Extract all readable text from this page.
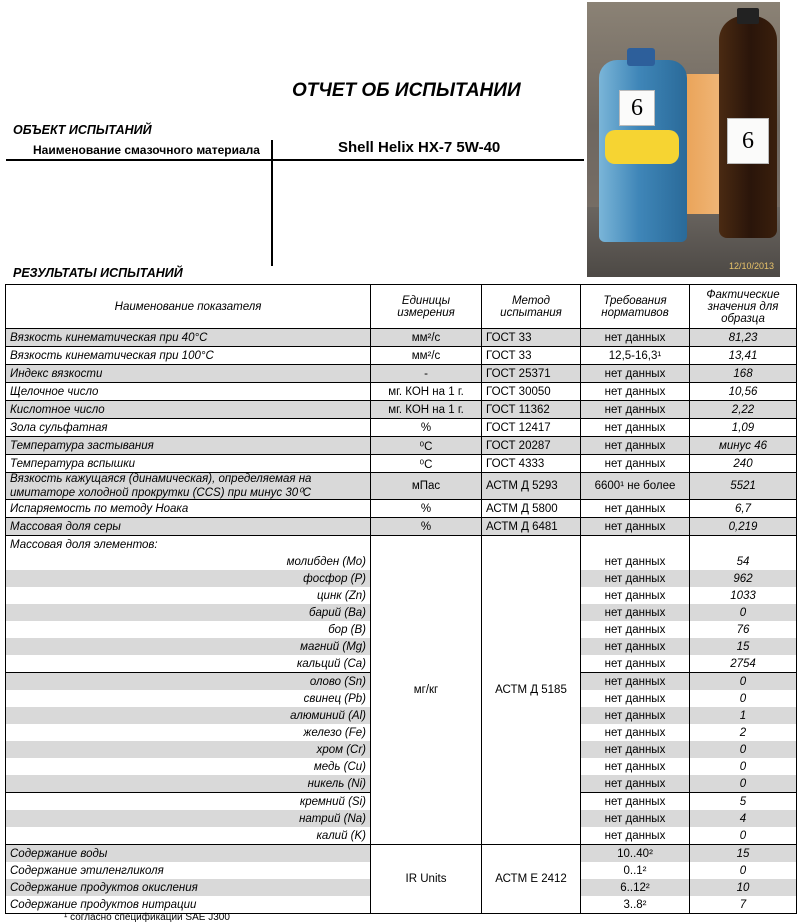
ОТЧЕТ ОБ ИСПЫТАНИИ
ОБЪЕКТ ИСПЫТАНИЙ
Наименование смазочного материала	Shell Helix HX-7 5W-40
РЕЗУЛЬТАТЫ ИСПЫТАНИЙ
6
6
12/10/2013
Наименование показателя	Единицы измерения	Метод испытания	Требования нормативов	Фактические значения для образца
Вязкость кинематическая при 40°С	мм²/с	ГОСТ 33	нет данных	81,23
Вязкость кинематическая при 100°С	мм²/с	ГОСТ 33	12,5-16,3¹	13,41
Индекс вязкости	-	ГОСТ 25371	нет данных	168
Щелочное число	мг. КОН на 1 г.	ГОСТ 30050	нет данных	10,56
Кислотное число	мг. КОН на 1 г.	ГОСТ 11362	нет данных	2,22
Зола сульфатная	%	ГОСТ 12417	нет данных	1,09
Температура застывания	⁰С	ГОСТ 20287	нет данных	минус 46
Температура вспышки	⁰С	ГОСТ 4333	нет данных	240
Вязкость кажущаяся (динамическая), определяемая на имитаторе холодной прокрутки (CCS) при минус 30⁰С	мПас	АСТМ Д 5293	6600¹ не более	5521
Испаряемость по методу Ноака	%	АСТМ Д 5800	нет данных	6,7
Массовая доля серы	%	АСТМ Д 6481	нет данных	0,219
Массовая доля элементов:	мг/кг	АСТМ Д 5185		
молибден (Mo)			нет данных	54
фосфор (P)			нет данных	962
цинк (Zn)			нет данных	1033
барий (Ba)			нет данных	0
бор (B)			нет данных	76
магний (Mg)			нет данных	15
кальций (Ca)			нет данных	2754
олово (Sn)			нет данных	0
свинец (Pb)			нет данных	0
алюминий (Al)			нет данных	1
железо (Fe)			нет данных	2
хром (Cr)			нет данных	0
медь (Cu)			нет данных	0
никель (Ni)			нет данных	0
кремний (Si)			нет данных	5
натрий (Na)			нет данных	4
калий (K)			нет данных	0
Содержание воды	IR Units	АСТМ Е 2412	10..40²	15
Содержание этиленгликоля			0..1²	0
Содержание продуктов окисления			6..12²	10
Содержание продуктов нитрации			3..8²	7
¹ согласно спецификации SAE J300
